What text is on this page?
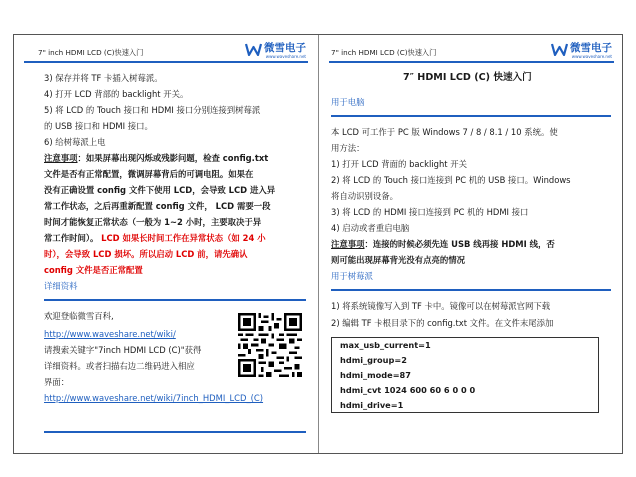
7" inch HDMI LCD (C)快速入门	微雪电子
www.waveshare.net
3) 保存并将 TF 卡插入树莓派。
4) 打开 LCD 背部的 backlight 开关。
5) 将 LCD 的 Touch 接口和 HDMI 接口分别连接到树莓派
的 USB 接口和 HDMI 接口。
6) 给树莓派上电
注意事项：如果屏幕出现闪烁或残影问题，检查 config.txt
文件是否有正常配置，微调屏幕背后的可调电阻。如果在
没有正确设置 config 文件下使用 LCD，会导致 LCD 进入异
常工作状态，之后再重新配置 config 文件， LCD 需要一段
时间才能恢复正常状态（一般为 1~2 小时，主要取决于异
常工作时间）。 LCD 如果长时间工作在异常状态（如 24 小
时），会导致 LCD 损坏。所以启动 LCD 前，请先确认
config 文件是否正常配置
详细资料
欢迎登临微雪百科,
http://www.waveshare.net/wiki/
请搜索关键字"7inch HDMI LCD (C)"获得
详细资料。或者扫描右边二维码进入相应
界面：
http://www.waveshare.net/wiki/7inch_HDMI_LCD_(C)
7" inch HDMI LCD (C)快速入门	微雪电子
www.waveshare.net
7″ HDMI LCD (C) 快速入门
用于电脑
本 LCD 可工作于 PC 版 Windows 7 / 8 / 8.1 / 10 系统。使
用方法：
1) 打开 LCD 背面的 backlight 开关
2) 将 LCD 的 Touch 接口连接到 PC 机的 USB 接口。Windows
将自动识别设备。
3) 将 LCD 的 HDMI 接口连接到 PC 机的 HDMI 接口
4) 启动或者重启电脑
注意事项：连接的时候必须先连 USB 线再接 HDMI 线，否
则可能出现屏幕背光没有点亮的情况
用于树莓派
1) 将系统镜像写入到 TF 卡中。镜像可以在树莓派官网下载
2) 编辑 TF 卡根目录下的 config.txt 文件。在文件末尾添加
max_usb_current=1
hdmi_group=2
hdmi_mode=87
hdmi_cvt 1024 600 60 6 0 0 0
hdmi_drive=1
